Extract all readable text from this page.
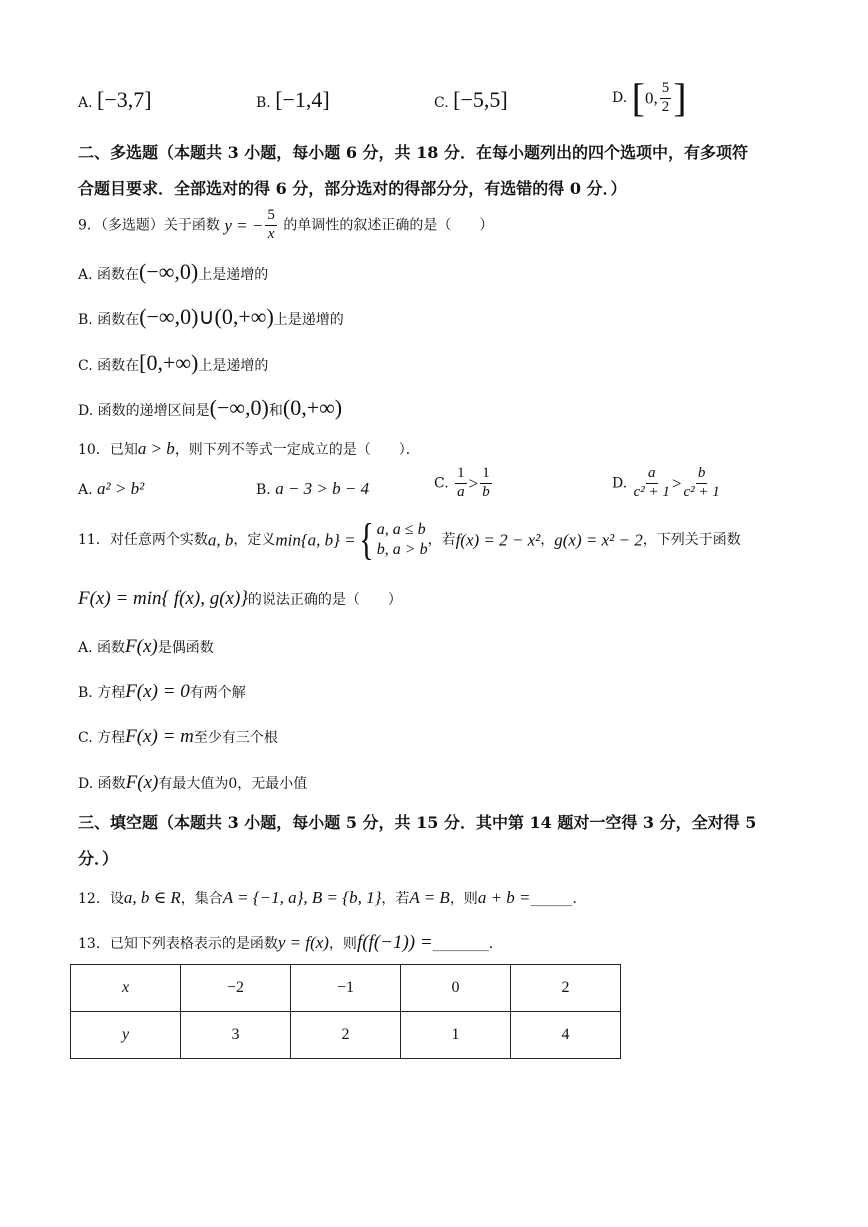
A. [−3,7]	B. [−1,4]	C. [−5,5]	D. [0, $\frac{5}{2}$ ]
二、多选题（本题共 3 小题，每小题 6 分，共 18 分．在每小题列出的四个选项中，有多项符
合题目要求．全部选对的得 6 分，部分选对的得部分分，有选错的得 0 分．）
9．（多选题）关于函数 y = − $\frac{5}{x}$ 的单调性的叙述正确的是（　　）
A. 函数在(−∞,0)上是递增的
B. 函数在(−∞,0)∪(0,+∞)上是递增的
C. 函数在[0,+∞)上是递增的
D. 函数的递增区间是(−∞,0)和(0,+∞)
10．已知a > b，则下列不等式一定成立的是（　　）．
A. a² > b²	B. a − 3 > b − 4	C. $\frac{1}{a} > \frac{1}{b}$	D. $\frac{a}{\text{c² + 1}} > \frac{b}{\text{c² + 1}}$
11．对任意两个实数a, b，定义min{a, b} ={ a, a ≤ b
b, a > b
，若f(x) = 2 − x²，g(x) = x² − 2，下列关于函数
F(x) = min{ f(x), g(x)}的说法正确的是（　　）
A. 函数F(x)是偶函数
B. 方程F(x) = 0有两个解
C. 方程F(x) = m至少有三个根
D. 函数F(x)有最大值为0，无最小值
三、填空题（本题共 3 小题，每小题 5 分，共 15 分．其中第 14 题对一空得 3 分，全对得 5
分．）
12．设a, b ∈ R，集合A = {−1, a}, B = {b, 1}，若A = B，则a + b =______．
13．已知下列表格表示的是函数y = f(x)，则f(f(−1)) =________．
x	−2	−1	0	2
y	3	2	1	4
